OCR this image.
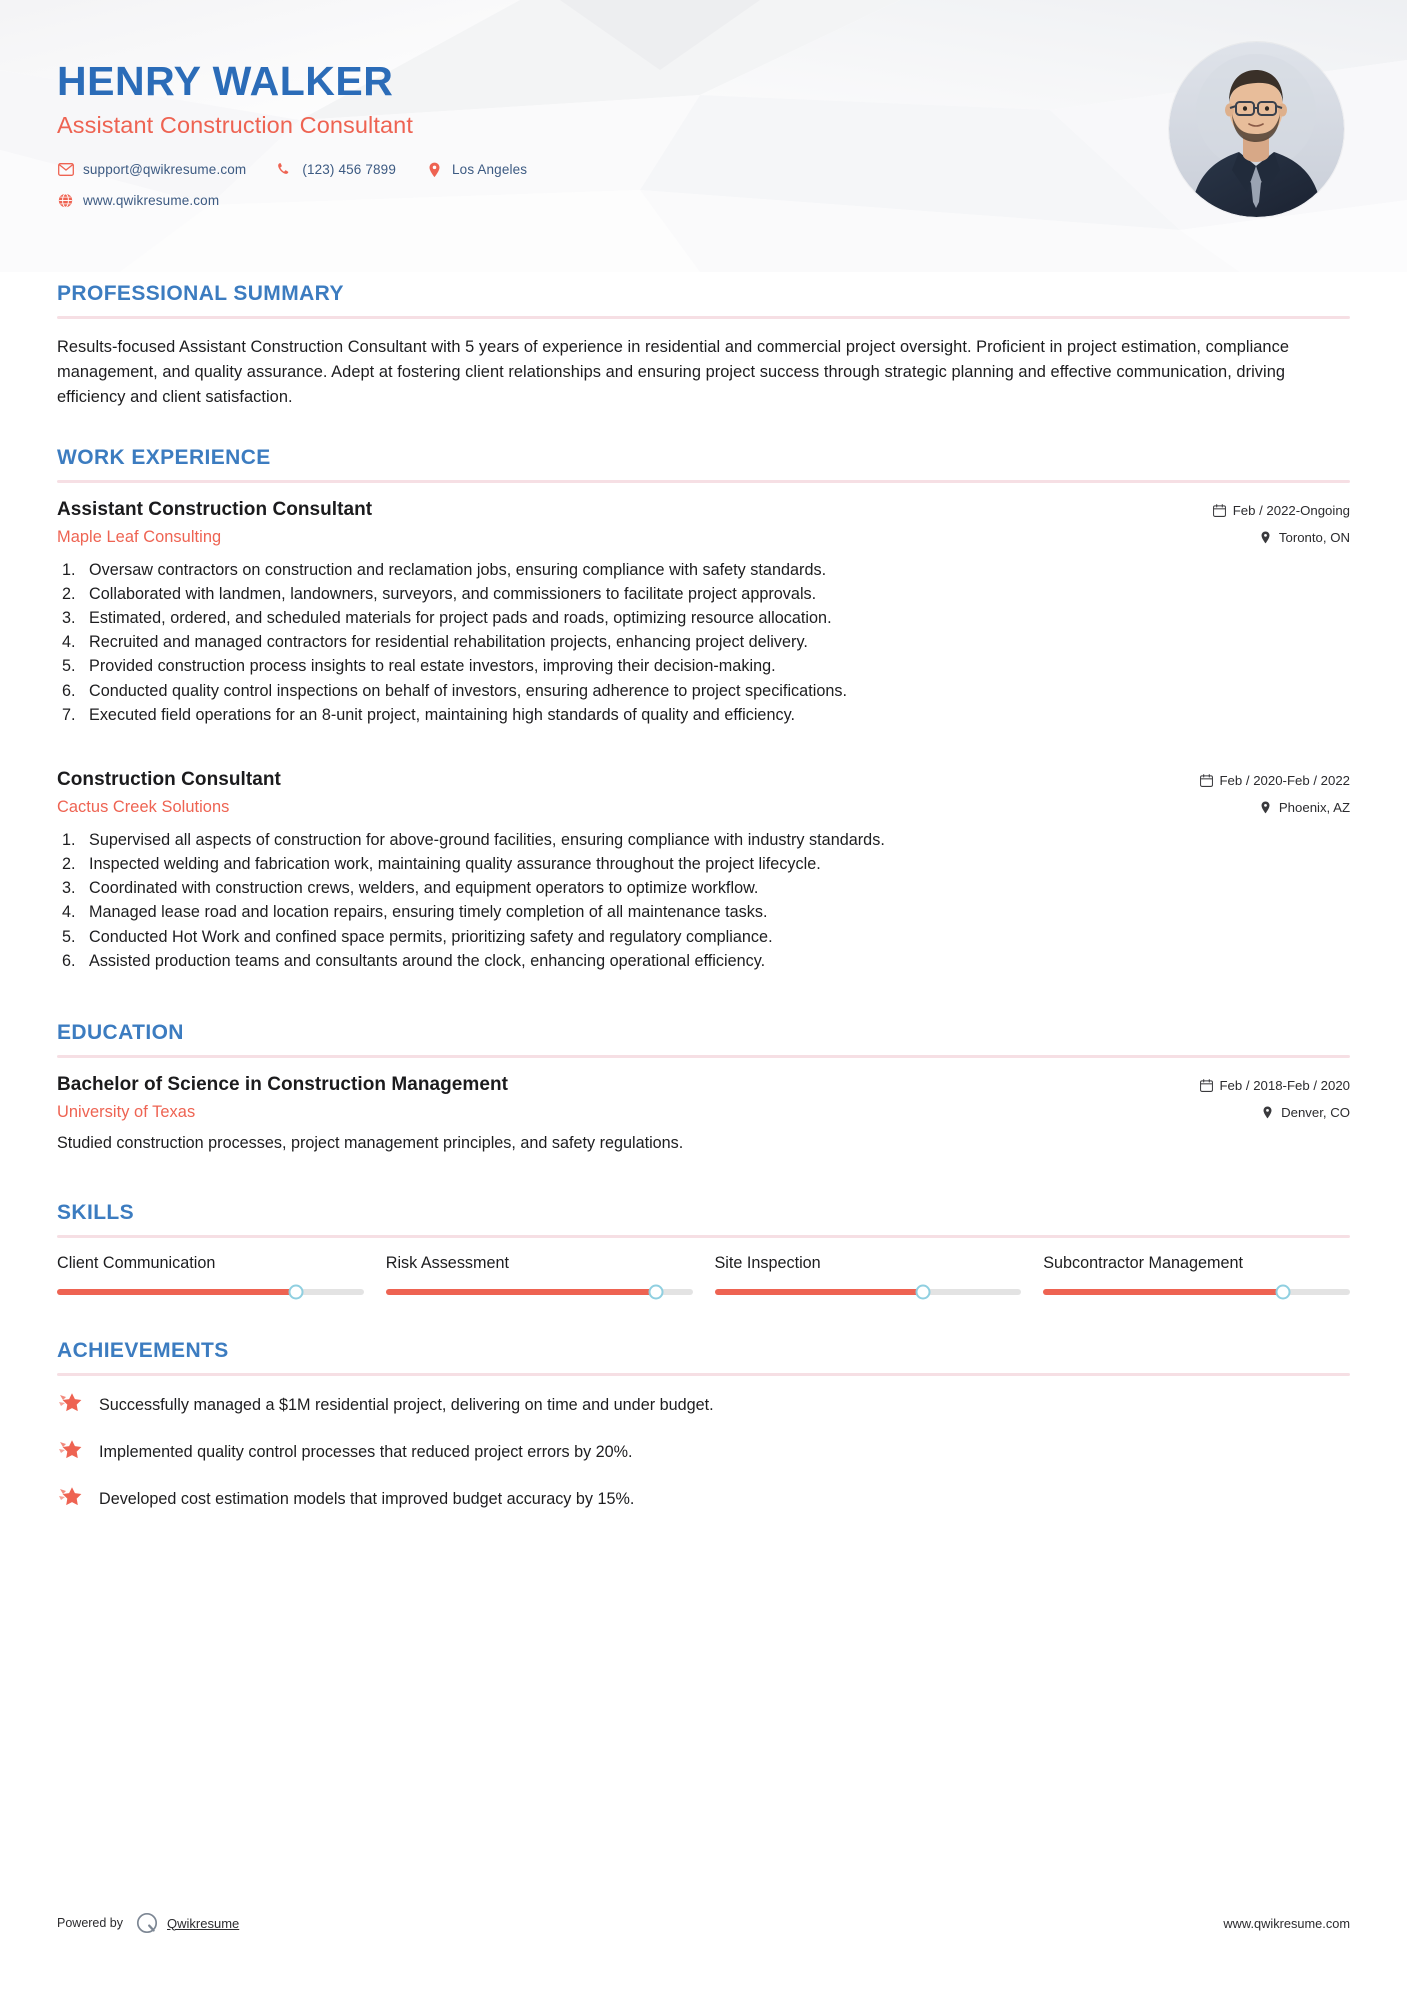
HENRY WALKER
Assistant Construction Consultant
support@qwikresume.com	(123) 456 7899	Los Angeles
www.qwikresume.com
PROFESSIONAL SUMMARY
Results-focused Assistant Construction Consultant with 5 years of experience in residential and commercial project oversight. Proficient in project estimation, compliance management, and quality assurance. Adept at fostering client relationships and ensuring project success through strategic planning and effective communication, driving efficiency and client satisfaction.
WORK EXPERIENCE
Assistant Construction Consultant
Maple Leaf Consulting
Feb / 2022-Ongoing
Toronto, ON
Oversaw contractors on construction and reclamation jobs, ensuring compliance with safety standards.
Collaborated with landmen, landowners, surveyors, and commissioners to facilitate project approvals.
Estimated, ordered, and scheduled materials for project pads and roads, optimizing resource allocation.
Recruited and managed contractors for residential rehabilitation projects, enhancing project delivery.
Provided construction process insights to real estate investors, improving their decision-making.
Conducted quality control inspections on behalf of investors, ensuring adherence to project specifications.
Executed field operations for an 8-unit project, maintaining high standards of quality and efficiency.
Construction Consultant
Cactus Creek Solutions
Feb / 2020-Feb / 2022
Phoenix, AZ
Supervised all aspects of construction for above-ground facilities, ensuring compliance with industry standards.
Inspected welding and fabrication work, maintaining quality assurance throughout the project lifecycle.
Coordinated with construction crews, welders, and equipment operators to optimize workflow.
Managed lease road and location repairs, ensuring timely completion of all maintenance tasks.
Conducted Hot Work and confined space permits, prioritizing safety and regulatory compliance.
Assisted production teams and consultants around the clock, enhancing operational efficiency.
EDUCATION
Bachelor of Science in Construction Management
University of Texas
Feb / 2018-Feb / 2020
Denver, CO
Studied construction processes, project management principles, and safety regulations.
SKILLS
Client Communication	Risk Assessment	Site Inspection	Subcontractor Management
ACHIEVEMENTS
Successfully managed a $1M residential project, delivering on time and under budget.
Implemented quality control processes that reduced project errors by 20%.
Developed cost estimation models that improved budget accuracy by 15%.
Powered by	Qwikresume	www.qwikresume.com
